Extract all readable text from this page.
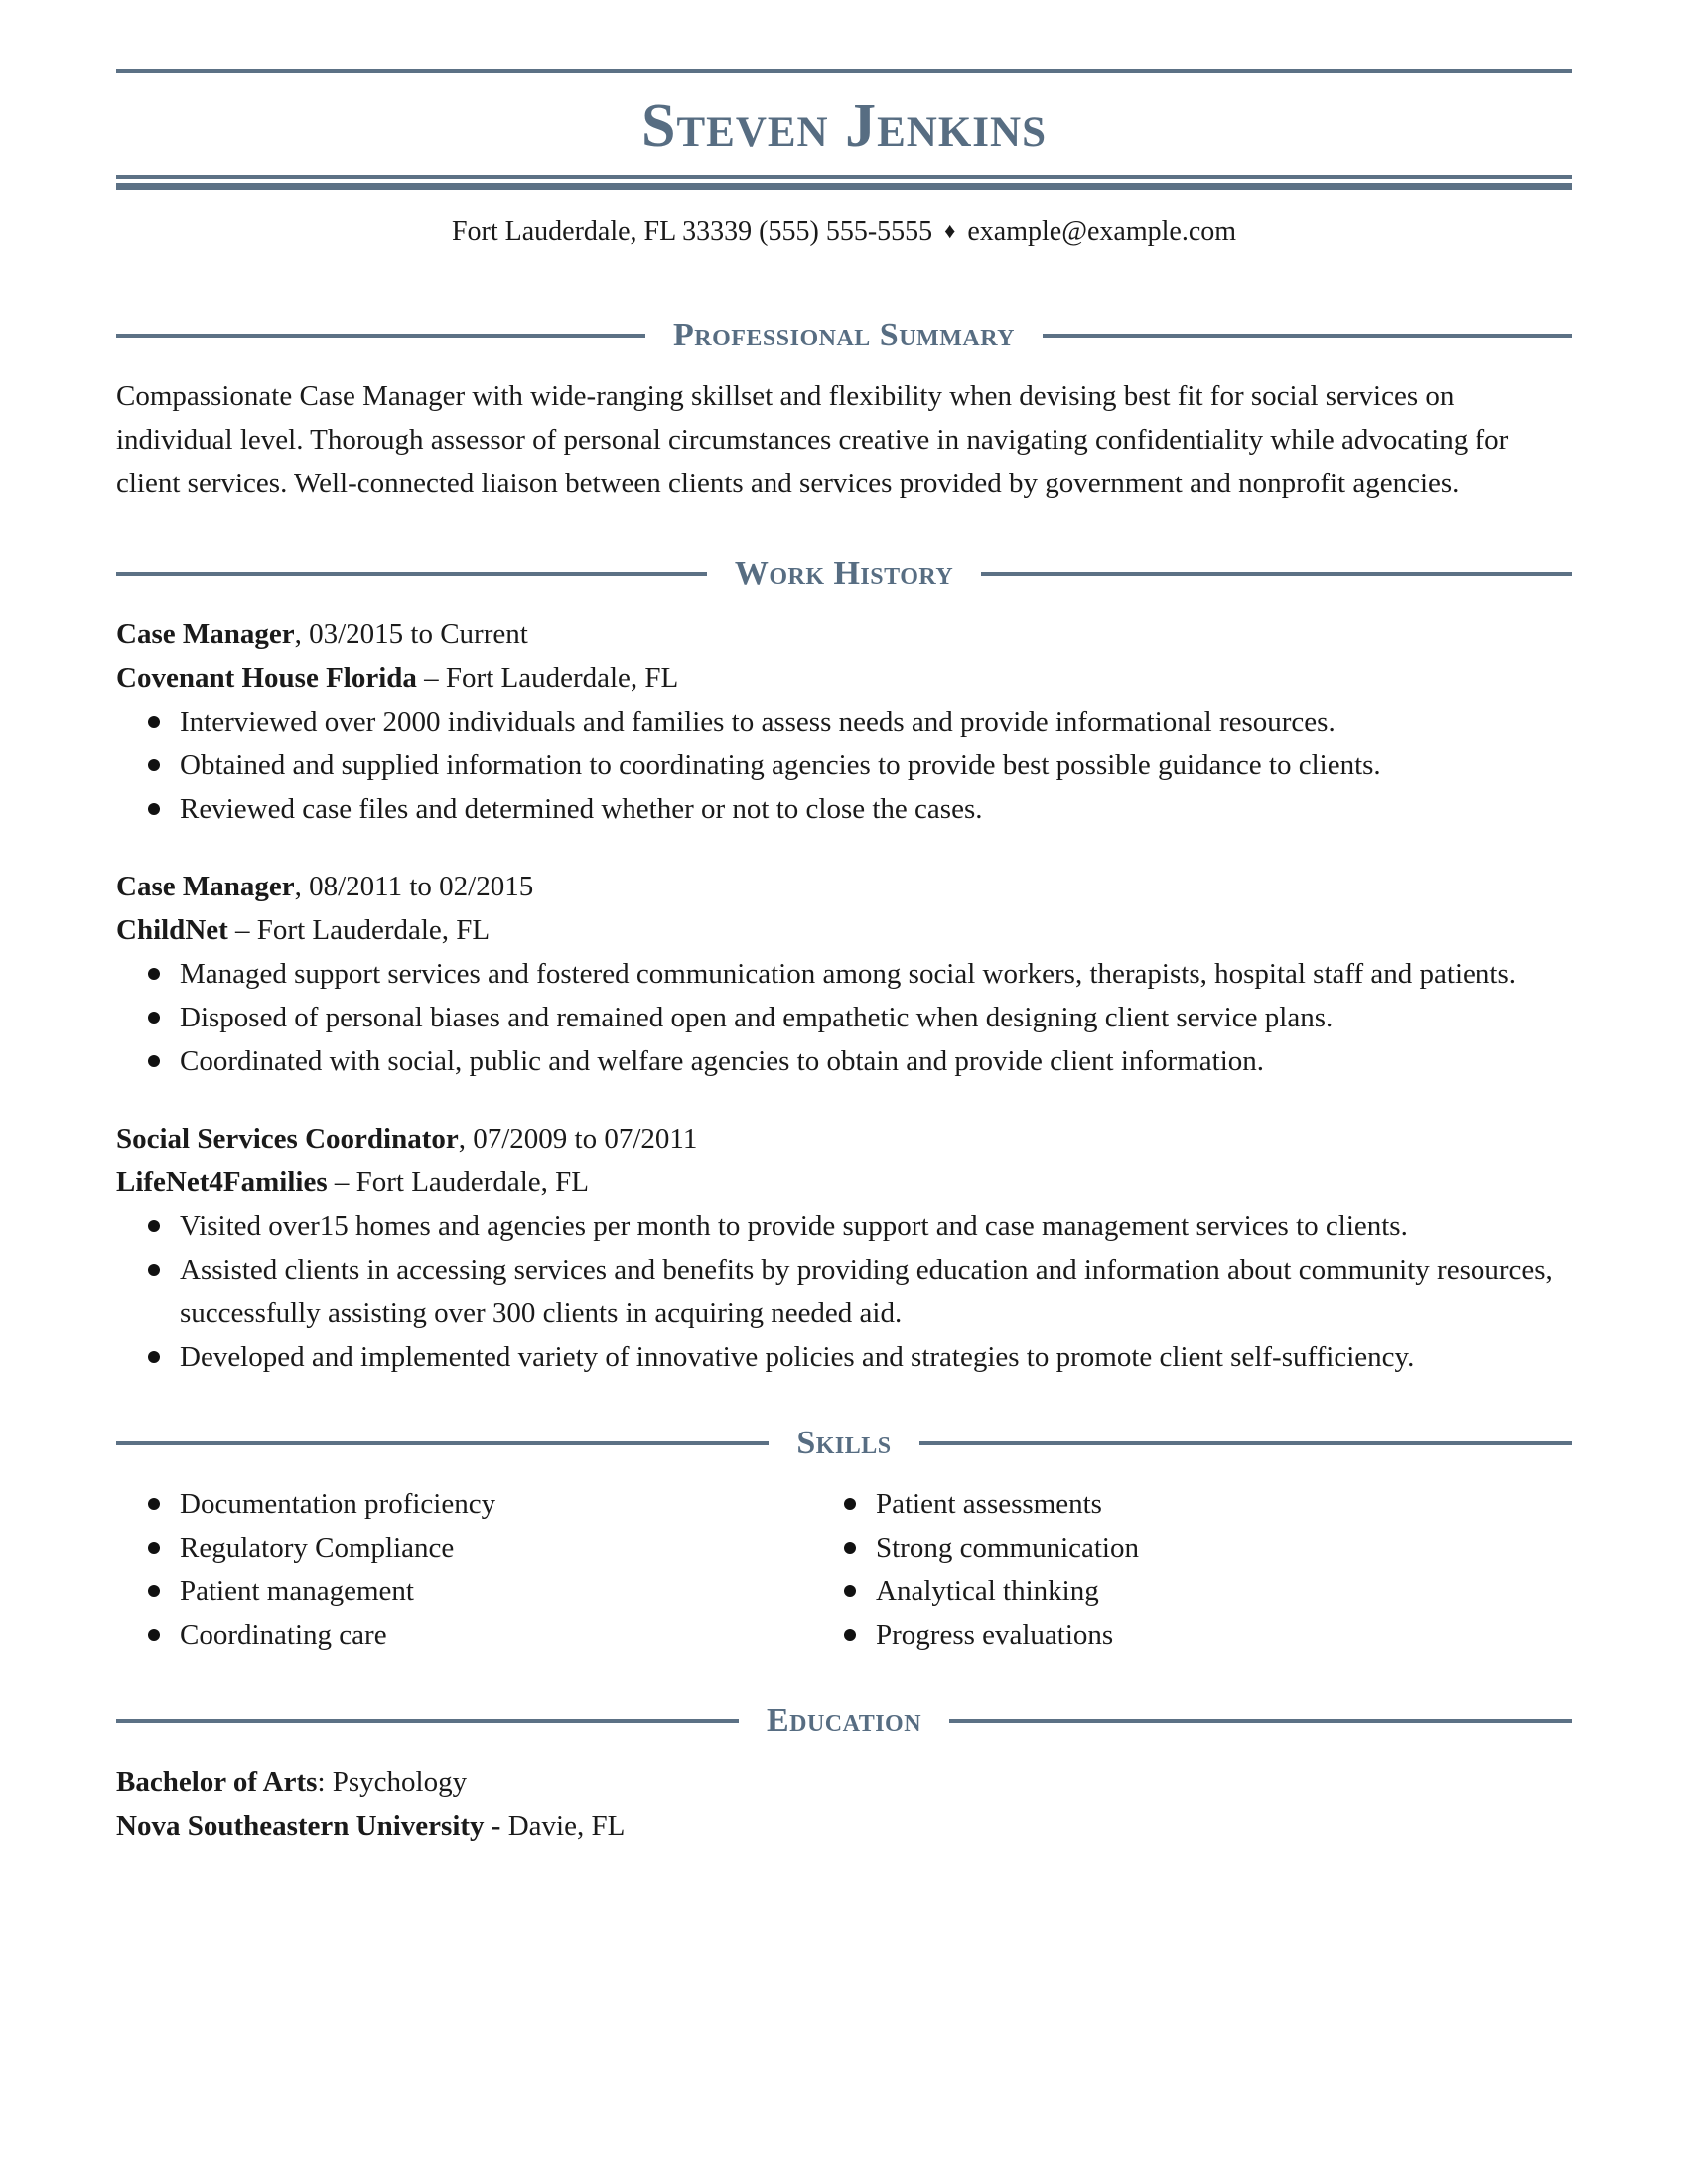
Steven Jenkins
Fort Lauderdale, FL 33339 (555) 555-5555 ♦ example@example.com
Professional Summary

Compassionate Case Manager with wide-ranging skillset and flexibility when devising best fit for social services on individual level. Thorough assessor of personal circumstances creative in navigating confidentiality while advocating for client services. Well-connected liaison between clients and services provided by government and nonprofit agencies.

Work History
Case Manager, 03/2015 to Current
Covenant House Florida – Fort Lauderdale, FL
Interviewed over 2000 individuals and families to assess needs and provide informational resources.
Obtained and supplied information to coordinating agencies to provide best possible guidance to clients.
Reviewed case files and determined whether or not to close the cases.
Case Manager, 08/2011 to 02/2015
ChildNet – Fort Lauderdale, FL
Managed support services and fostered communication among social workers, therapists, hospital staff and patients.
Disposed of personal biases and remained open and empathetic when designing client service plans.
Coordinated with social, public and welfare agencies to obtain and provide client information.
Social Services Coordinator, 07/2009 to 07/2011
LifeNet4Families – Fort Lauderdale, FL
Visited over15 homes and agencies per month to provide support and case management services to clients.
Assisted clients in accessing services and benefits by providing education and information about community resources, successfully assisting over 300 clients in acquiring needed aid.
Developed and implemented variety of innovative policies and strategies to promote client self-sufficiency.
Skills
Documentation proficiency
Regulatory Compliance
Patient management
Coordinating care
Patient assessments
Strong communication
Analytical thinking
Progress evaluations
Education
Bachelor of Arts: Psychology
Nova Southeastern University - Davie, FL
